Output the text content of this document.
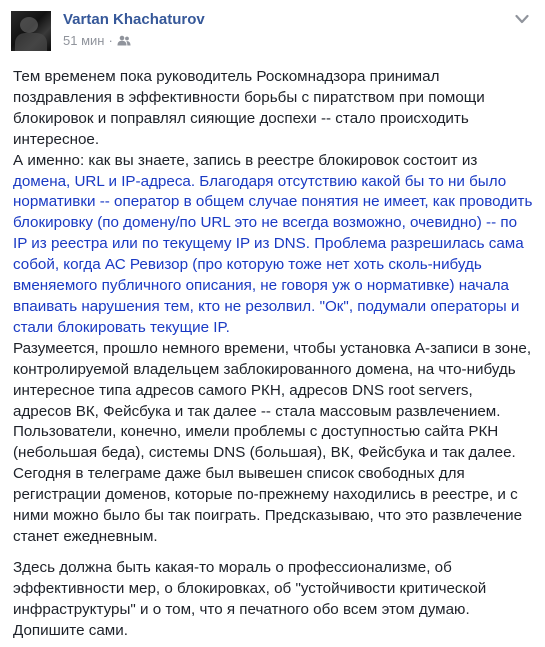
Vartan Khachaturov
51 мин ·

Тем временем пока руководитель Роскомнадзора принимал поздравления в эффективности борьбы с пиратством при помощи блокировок и поправлял сияющие доспехи -- стало происходить интересное.

А именно: как вы знаете, запись в реестре блокировок состоит из домена, URL и IP-адреса. Благодаря отсутствию какой бы то ни было нормативки -- оператор в общем случае понятия не имеет, как проводить блокировку (по домену/по URL это не всегда возможно, очевидно) -- по IP из реестра или по текущему IP из DNS. Проблема разрешилась сама собой, когда АС Ревизор (про которую тоже нет хоть сколь-нибудь вменяемого публичного описания, не говоря уж о нормативке) начала впаивать нарушения тем, кто не резолвил. "Ок", подумали операторы и стали блокировать текущие IP.

Разумеется, прошло немного времени, чтобы установка А-записи в зоне, контролируемой владельцем заблокированного домена, на что-нибудь интересное типа адресов самого РКН, адресов DNS root servers, адресов ВК, Фейсбука и так далее -- стала массовым развлечением. Пользователи, конечно, имели проблемы с доступностью сайта РКН (небольшая беда), системы DNS (большая), ВК, Фейсбука и так далее. Сегодня в телеграме даже был вывешен список свободных для регистрации доменов, которые по-прежнему находились в реестре, и с ними можно было бы так поиграть. Предсказываю, что это развлечение станет ежедневным.

Здесь должна быть какая-то мораль о профессионализме, об эффективности мер, о блокировках, об "устойчивости критической инфраструктуры" и о том, что я печатного обо всем этом думаю. Допишите сами.
